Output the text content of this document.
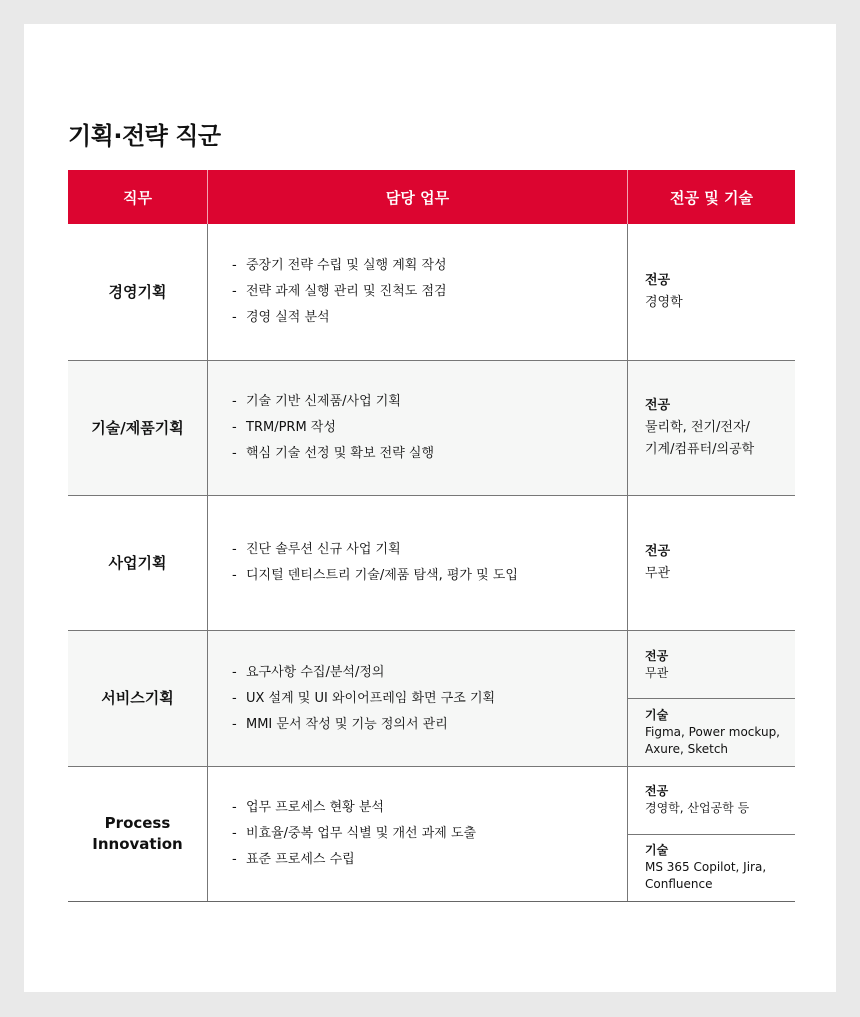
기획·전략 직군
직무	담당 업무	전공 및 기술
경영기획
- 중장기 전략 수립 및 실행 계획 작성
- 전략 과제 실행 관리 및 진척도 점검
- 경영 실적 분석
전공
경영학
기술/제품기획
- 기술 기반 신제품/사업 기획
- TRM/PRM 작성
- 핵심 기술 선정 및 확보 전략 실행
전공
물리학, 전기/전자/
기계/컴퓨터/의공학
사업기획
- 진단 솔루션 신규 사업 기획
- 디지털 덴티스트리 기술/제품 탐색, 평가 및 도입
전공
무관
서비스기획
- 요구사항 수집/분석/정의
- UX 설계 및 UI 와이어프레임 화면 구조 기획
- MMI 문서 작성 및 기능 정의서 관리
전공
무관
기술
Figma, Power mockup,
Axure, Sketch
Process
Innovation
- 업무 프로세스 현황 분석
- 비효율/중복 업무 식별 및 개선 과제 도출
- 표준 프로세스 수립
전공
경영학, 산업공학 등
기술
MS 365 Copilot, Jira,
Confluence
